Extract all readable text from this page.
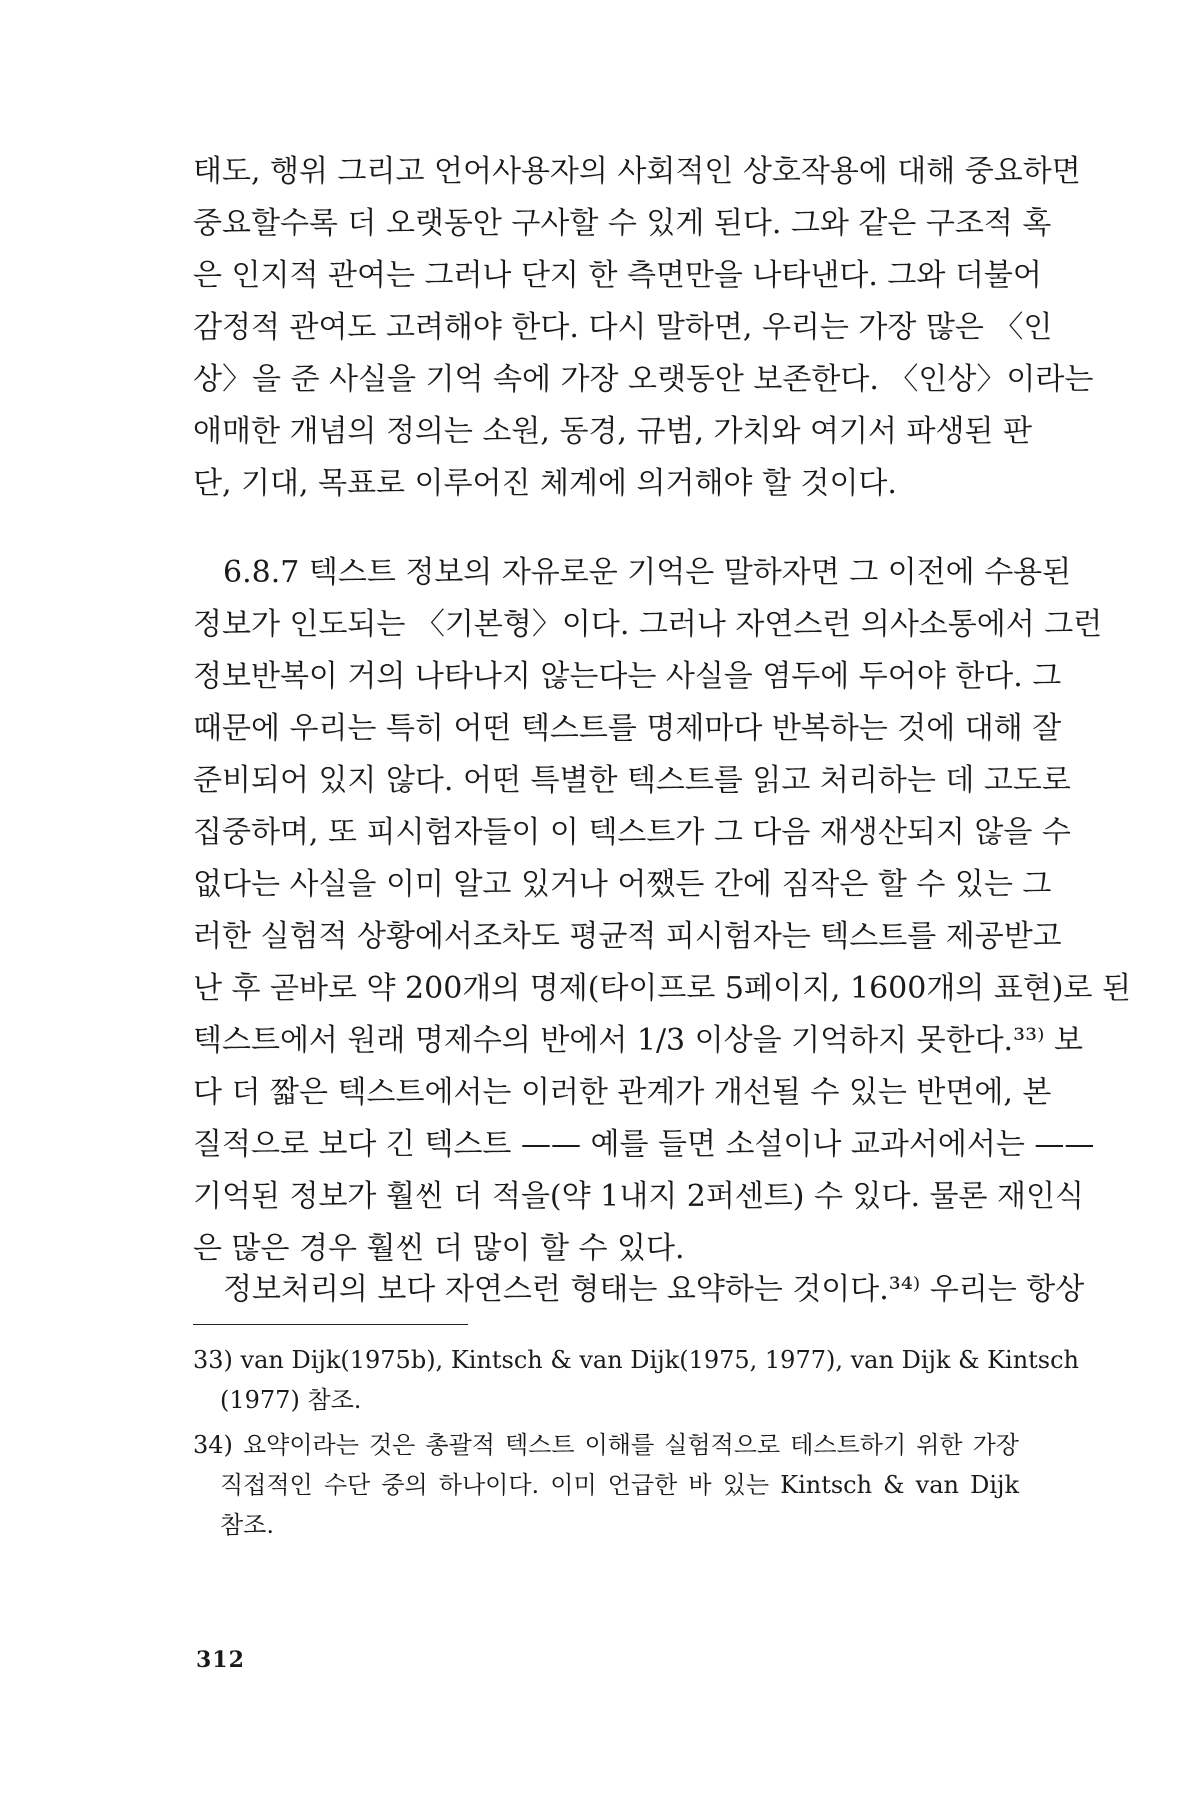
태도, 행위 그리고 언어사용자의 사회적인 상호작용에 대해 중요하면
중요할수록 더 오랫동안 구사할 수 있게 된다. 그와 같은 구조적 혹
은 인지적 관여는 그러나 단지 한 측면만을 나타낸다. 그와 더불어
감정적 관여도 고려해야 한다. 다시 말하면, 우리는 가장 많은 〈인
상〉을 준 사실을 기억 속에 가장 오랫동안 보존한다. 〈인상〉이라는
애매한 개념의 정의는 소원, 동경, 규범, 가치와 여기서 파생된 판
단, 기대, 목표로 이루어진 체계에 의거해야 할 것이다.
6.8.7 텍스트 정보의 자유로운 기억은 말하자면 그 이전에 수용된
정보가 인도되는 〈기본형〉이다. 그러나 자연스런 의사소통에서 그런
정보반복이 거의 나타나지 않는다는 사실을 염두에 두어야 한다. 그
때문에 우리는 특히 어떤 텍스트를 명제마다 반복하는 것에 대해 잘
준비되어 있지 않다. 어떤 특별한 텍스트를 읽고 처리하는 데 고도로
집중하며, 또 피시험자들이 이 텍스트가 그 다음 재생산되지 않을 수
없다는 사실을 이미 알고 있거나 어쨌든 간에 짐작은 할 수 있는 그
러한 실험적 상황에서조차도 평균적 피시험자는 텍스트를 제공받고
난 후 곧바로 약 200개의 명제(타이프로 5페이지, 1600개의 표현)로 된
텍스트에서 원래 명제수의 반에서 1/3 이상을 기억하지 못한다.³³⁾ 보
다 더 짧은 텍스트에서는 이러한 관계가 개선될 수 있는 반면에, 본
질적으로 보다 긴 텍스트 —— 예를 들면 소설이나 교과서에서는 ——
기억된 정보가 훨씬 더 적을(약 1내지 2퍼센트) 수 있다. 물론 재인식
은 많은 경우 훨씬 더 많이 할 수 있다.
정보처리의 보다 자연스런 형태는 요약하는 것이다.³⁴⁾ 우리는 항상
33) van Dijk(1975b), Kintsch & van Dijk(1975, 1977), van Dijk & Kintsch
(1977) 참조.
34) 요약이라는 것은 총괄적 텍스트 이해를 실험적으로 테스트하기 위한 가장
직접적인 수단 중의 하나이다. 이미 언급한 바 있는 Kintsch & van Dijk
참조.
312
